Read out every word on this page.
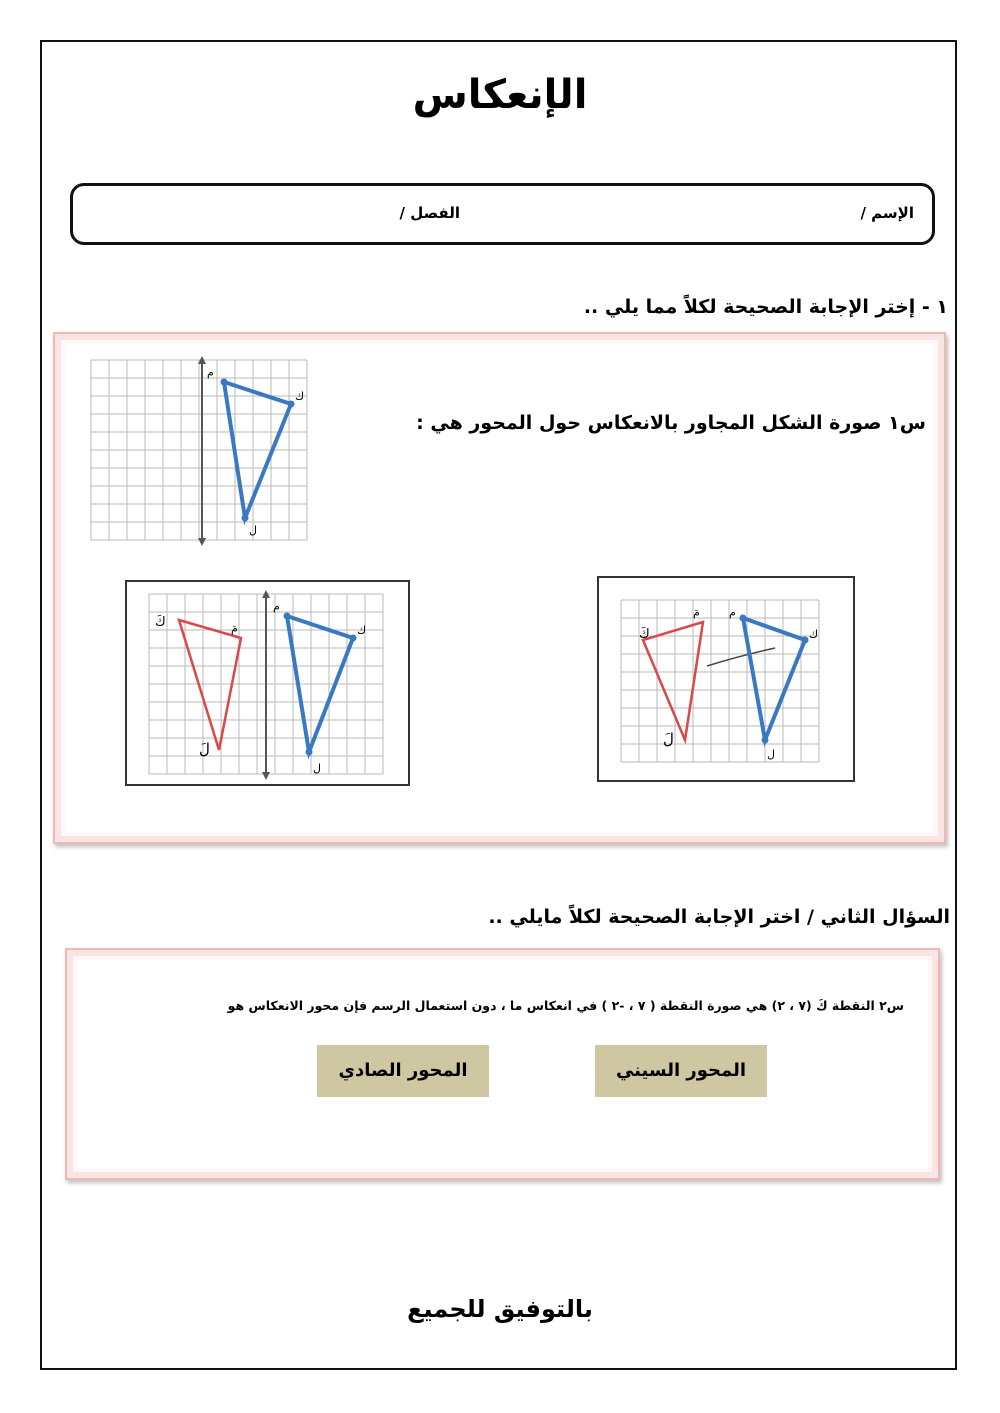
الإنعكاس
الإسم /
الفصل /
١ - إختر الإجابة الصحيحة لكلاً مما يلي ..
س١ صورة الشكل المجاور بالانعكاس حول المحور هي :
م
ك
ل
م
ك
ل
كَ	مَ
لَ
م
ك
ل
كَ
مَ
لَ
السؤال الثاني / اختر الإجابة الصحيحة لكلاً مايلي ..
س٢ النقطة كَ (٧ ، ٢) هي صورة النقطة ( ٧ ، -٢ ) في انعكاس ما ، دون استعمال الرسم فإن محور الانعكاس هو
المحور السيني
المحور الصادي
بالتوفيق للجميع
